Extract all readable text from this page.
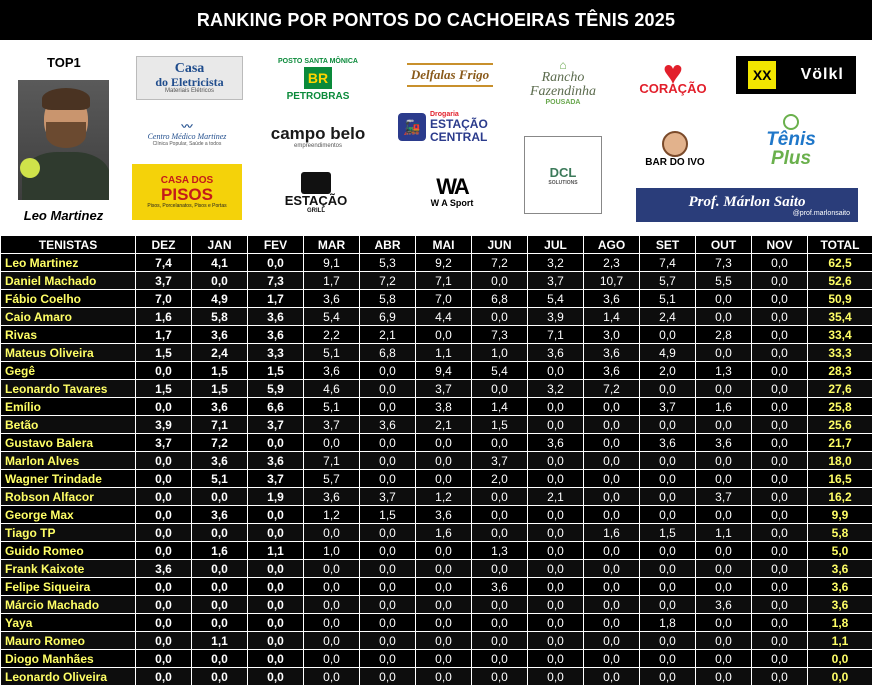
RANKING POR PONTOS DO CACHOEIRAS TÊNIS 2025
TOP1
Leo Martinez
Casa
do Eletricista
Materiais Elétricos
POSTO SANTA MÔNICA
BR
PETROBRAS
Delfalas Frigo
⌂
Rancho
Fazendinha
POUSADA
♥
CORAÇÃO
XX Völkl
〰
Centro Médico Martinez
Clínica Popular, Saúde a todos
campo belo
empreendimentos
🚂
Drogaria
ESTAÇÃO
CENTRAL
DCL
SOLUTIONS
BAR DO IVO
Tênis
Plus
CASA DOS
PISOS
Pisos, Porcelanatos, Pisos e Portas	ESTAÇÃO
GRILL
WA
W A Sport	Prof. Márlon Saito
@prof.marlonsaito
TENISTAS	DEZ	JAN	FEV	MAR	ABR	MAI	JUN	JUL	AGO	SET	OUT	NOV	TOTAL
Leo Martinez	7,4	4,1	0,0	9,1	5,3	9,2	7,2	3,2	2,3	7,4	7,3	0,0	62,5
Daniel Machado	3,7	0,0	7,3	1,7	7,2	7,1	0,0	3,7	10,7	5,7	5,5	0,0	52,6
Fábio Coelho	7,0	4,9	1,7	3,6	5,8	7,0	6,8	5,4	3,6	5,1	0,0	0,0	50,9
Caio Amaro	1,6	5,8	3,6	5,4	6,9	4,4	0,0	3,9	1,4	2,4	0,0	0,0	35,4
Rivas	1,7	3,6	3,6	2,2	2,1	0,0	7,3	7,1	3,0	0,0	2,8	0,0	33,4
Mateus Oliveira	1,5	2,4	3,3	5,1	6,8	1,1	1,0	3,6	3,6	4,9	0,0	0,0	33,3
Gegê	0,0	1,5	1,5	3,6	0,0	9,4	5,4	0,0	3,6	2,0	1,3	0,0	28,3
Leonardo Tavares	1,5	1,5	5,9	4,6	0,0	3,7	0,0	3,2	7,2	0,0	0,0	0,0	27,6
Emílio	0,0	3,6	6,6	5,1	0,0	3,8	1,4	0,0	0,0	3,7	1,6	0,0	25,8
Betão	3,9	7,1	3,7	3,7	3,6	2,1	1,5	0,0	0,0	0,0	0,0	0,0	25,6
Gustavo Balera	3,7	7,2	0,0	0,0	0,0	0,0	0,0	3,6	0,0	3,6	3,6	0,0	21,7
Marlon Alves	0,0	3,6	3,6	7,1	0,0	0,0	3,7	0,0	0,0	0,0	0,0	0,0	18,0
Wagner Trindade	0,0	5,1	3,7	5,7	0,0	0,0	2,0	0,0	0,0	0,0	0,0	0,0	16,5
Robson Alfacor	0,0	0,0	1,9	3,6	3,7	1,2	0,0	2,1	0,0	0,0	3,7	0,0	16,2
George Max	0,0	3,6	0,0	1,2	1,5	3,6	0,0	0,0	0,0	0,0	0,0	0,0	9,9
Tiago TP	0,0	0,0	0,0	0,0	0,0	1,6	0,0	0,0	1,6	1,5	1,1	0,0	5,8
Guido Romeo	0,0	1,6	1,1	1,0	0,0	0,0	1,3	0,0	0,0	0,0	0,0	0,0	5,0
Frank Kaixote	3,6	0,0	0,0	0,0	0,0	0,0	0,0	0,0	0,0	0,0	0,0	0,0	3,6
Felipe Siqueira	0,0	0,0	0,0	0,0	0,0	0,0	3,6	0,0	0,0	0,0	0,0	0,0	3,6
Márcio Machado	0,0	0,0	0,0	0,0	0,0	0,0	0,0	0,0	0,0	0,0	3,6	0,0	3,6
Yaya	0,0	0,0	0,0	0,0	0,0	0,0	0,0	0,0	0,0	1,8	0,0	0,0	1,8
Mauro Romeo	0,0	1,1	0,0	0,0	0,0	0,0	0,0	0,0	0,0	0,0	0,0	0,0	1,1
Diogo Manhães	0,0	0,0	0,0	0,0	0,0	0,0	0,0	0,0	0,0	0,0	0,0	0,0	0,0
Leonardo Oliveira	0,0	0,0	0,0	0,0	0,0	0,0	0,0	0,0	0,0	0,0	0,0	0,0	0,0
